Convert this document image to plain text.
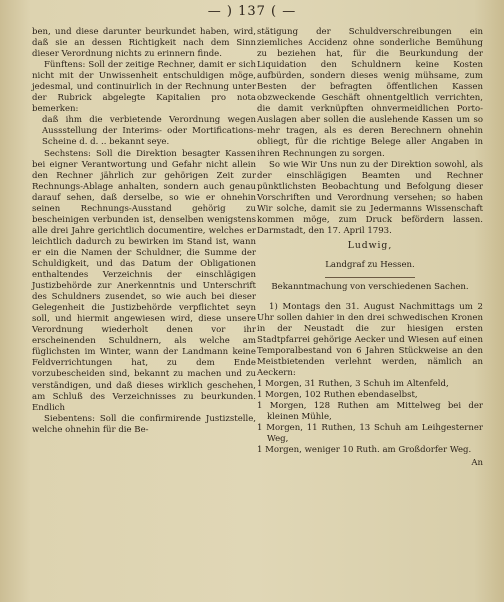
— ) 137 ( —

ben, und diese darunter beurkundet haben, wird, daß sie an dessen Richtigkeit nach dem Sinn dieser Verordnung nichts zu erinnern finde.

Fünftens: Soll der zeitige Rechner, damit er sich nicht mit der Unwissenheit entschuldigen möge, jedesmal, und continuirlich in der Rechnung unter der Rubrick abgelegte Kapitalien pro nota bemerken:

daß ihm die verbietende Verordnung wegen Aussstellung der Interims- oder Mortifications-Scheine d. d. .. bekannt seye.

Sechstens: Soll die Direktion besagter Kassen bei eigner Verantwortung und Gefahr nicht allein den Rechner jährlich zur gehörigen Zeit zur Rechnungs-Ablage anhalten, sondern auch genau darauf sehen, daß derselbe, so wie er ohnehin seinen Rechnungs-Ausstand gehörig zu bescheinigen verbunden ist, denselben wenigstens alle drei Jahre gerichtlich documentire, welches er leichtlich dadurch zu bewirken im Stand ist, wann er ein die Namen der Schuldner, die Summe der Schuldigkeit, und das Datum der Obligationen enthaltendes Verzeichnis der einschlägigen Justizbehörde zur Anerkenntnis und Unterschrift des Schuldners zusendet, so wie auch bei dieser Gelegenheit die Justizbehörde verpflichtet seyn soll, und hiermit angewiesen wird, diese unsere Verordnung wiederholt denen vor ihr erscheinenden Schuldnern, als welche am füglichsten im Winter, wann der Landmann keine Feldverrichtungen hat, zu dem Ende vorzubescheiden sind, bekannt zu machen und zu verständigen, und daß dieses wirklich geschehen, am Schluß des Verzeichnisses zu beurkunden. Endlich

Siebentens: Soll die confirmirende Justizstelle, welche ohnehin für die Be-

stätigung der Schuldverschreibungen ein ziemliches Accidenz ohne sonderliche Bemühung zu beziehen hat, für die Beurkundung der Liquidation den Schuldnern keine Kosten aufbürden, sondern dieses wenig mühsame, zum Besten der befragten öffentlichen Kassen obzweckende Geschäft ohnentgeltlich verrichten, die damit verknüpften ohnvermeidlichen Porto-Auslagen aber sollen die auslehende Kassen um so mehr tragen, als es deren Berechnern ohnehin obliegt, für die richtige Belege aller Angaben in ihren Rechnungen zu sorgen.

So wie Wir Uns nun zu der Direktion sowohl, als der einschlägigen Beamten und Rechner pünktlichsten Beobachtung und Befolgung dieser Vorschriften und Verordnung versehen; so haben Wir solche, damit sie zu Jedermanns Wissenschaft kommen möge, zum Druck befördern lassen. Darmstadt, den 17. April 1793.

Ludwig,

Landgraf zu Hessen.

Bekanntmachung von verschiedenen Sachen.

1) Montags den 31. August Nachmittags um 2 Uhr sollen dahier in den drei schwedischen Kronen in der Neustadt die zur hiesigen ersten Stadtpfarrei gehörige Aecker und Wiesen auf einen Temporalbestand von 6 Jahren Stückweise an den Meistbietenden verlehnt werden, nämlich an Aeckern:

1 Morgen, 31 Ruthen, 3 Schuh im Altenfeld,

1 Morgen, 102 Ruthen ebendaselbst,

1 Morgen, 128 Ruthen am Mittelweg bei der kleinen Mühle,

1 Morgen, 11 Ruthen, 13 Schuh am Leihgesterner Weg,

1 Morgen, weniger 10 Ruth. am Großdorfer Weg.

An
